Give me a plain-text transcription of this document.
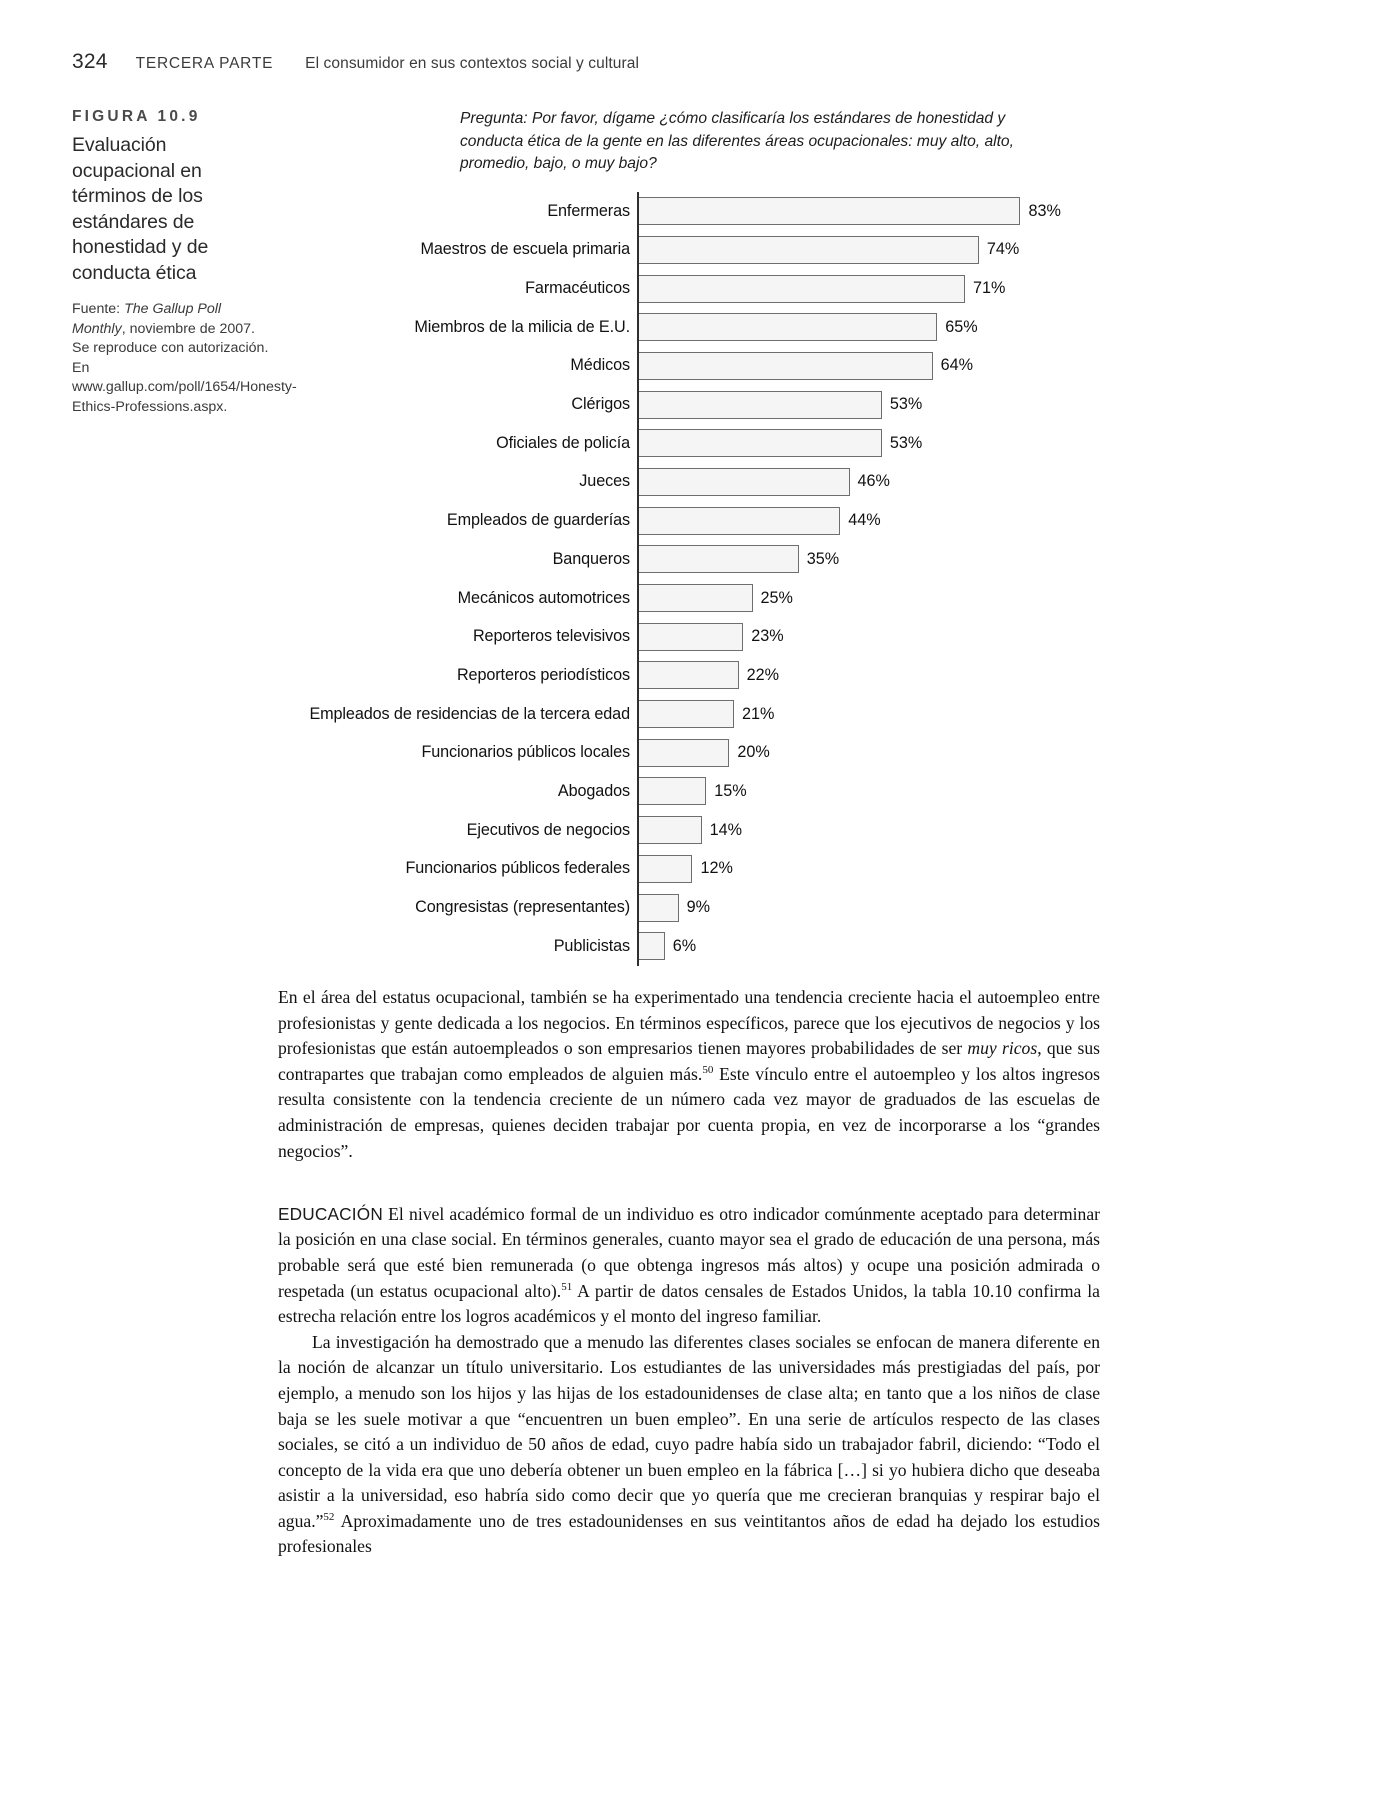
324 TERCERA PARTE El consumidor en sus contextos social y cultural
FIGURA 10.9
Evaluación ocupacional en términos de los estándares de honestidad y de conducta ética
Fuente: The Gallup Poll Monthly, noviembre de 2007. Se reproduce con autorización. En www.gallup.com/poll/1654/Honesty-Ethics-Professions.aspx.
Pregunta: Por favor, dígame ¿cómo clasificaría los estándares de honestidad y conducta ética de la gente en las diferentes áreas ocupacionales: muy alto, alto, promedio, bajo, o muy bajo?
Enfermeras	83%
Maestros de escuela primaria	74%
Farmacéuticos	71%
Miembros de la milicia de E.U.	65%
Médicos	64%
Clérigos	53%
Oficiales de policía	53%
Jueces	46%
Empleados de guarderías	44%
Banqueros	35%
Mecánicos automotrices	25%
Reporteros televisivos	23%
Reporteros periodísticos	22%
Empleados de residencias de la tercera edad	21%
Funcionarios públicos locales	20%
Abogados	15%
Ejecutivos de negocios	14%
Funcionarios públicos federales	12%
Congresistas (representantes)	9%
Publicistas	6%

En el área del estatus ocupacional, también se ha experimentado una tendencia creciente hacia el autoempleo entre profesionistas y gente dedicada a los negocios. En términos específicos, parece que los ejecutivos de negocios y los profesionistas que están autoempleados o son empresarios tienen mayores probabilidades de ser muy ricos, que sus contrapartes que trabajan como empleados de alguien más.$^{50}$ Este vínculo entre el autoempleo y los altos ingresos resulta consistente con la tendencia creciente de un número cada vez mayor de graduados de las escuelas de administración de empresas, quienes deciden trabajar por cuenta propia, en vez de incorporarse a los “grandes negocios”.

EDUCACIÓN El nivel académico formal de un individuo es otro indicador comúnmente aceptado para determinar la posición en una clase social. En términos generales, cuanto mayor sea el grado de educación de una persona, más probable será que esté bien remunerada (o que obtenga ingresos más altos) y ocupe una posición admirada o respetada (un estatus ocupacional alto).$^{51}$ A partir de datos censales de Estados Unidos, la tabla 10.10 confirma la estrecha relación entre los logros académicos y el monto del ingreso familiar.

La investigación ha demostrado que a menudo las diferentes clases sociales se enfocan de manera diferente en la noción de alcanzar un título universitario. Los estudiantes de las universidades más prestigiadas del país, por ejemplo, a menudo son los hijos y las hijas de los estadounidenses de clase alta; en tanto que a los niños de clase baja se les suele motivar a que “encuentren un buen empleo”. En una serie de artículos respecto de las clases sociales, se citó a un individuo de 50 años de edad, cuyo padre había sido un trabajador fabril, diciendo: “Todo el concepto de la vida era que uno debería obtener un buen empleo en la fábrica […] si yo hubiera dicho que deseaba asistir a la universidad, eso habría sido como decir que yo quería que me crecieran branquias y respirar bajo el agua.”$^{52}$ Aproximadamente uno de tres estadounidenses en sus veintitantos años de edad ha dejado los estudios profesionales
